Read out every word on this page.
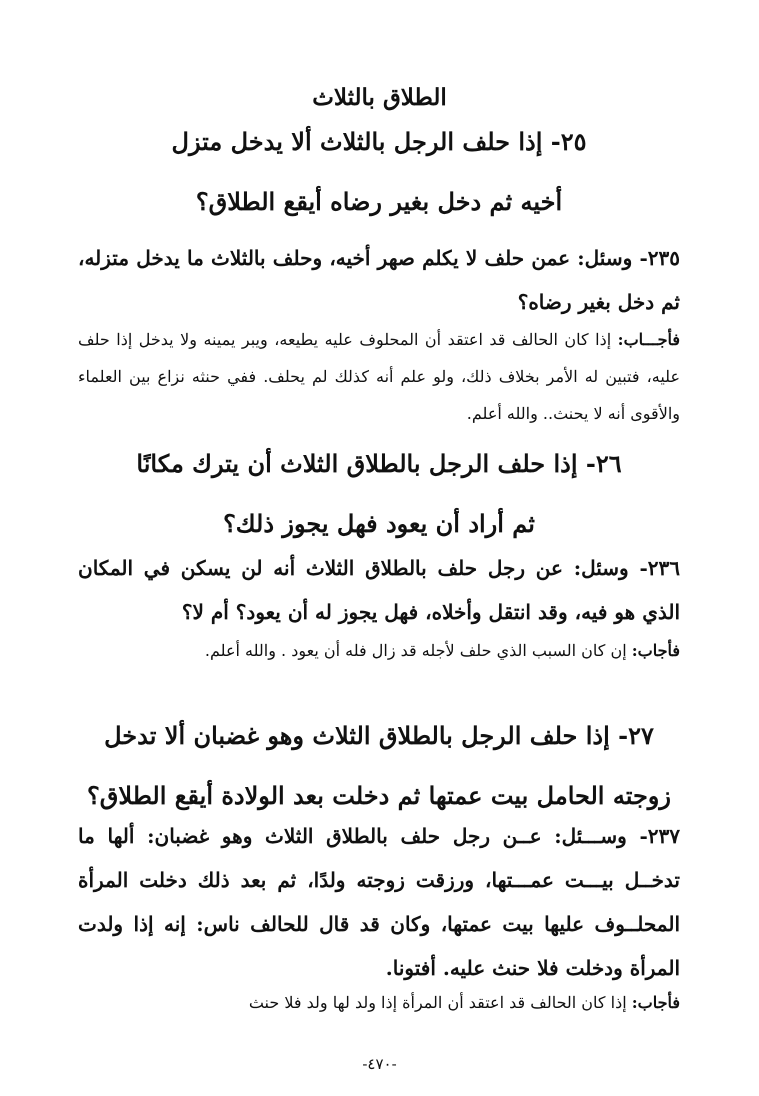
الطلاق بالثلاث
٢٥- إذا حلف الرجل بالثلاث ألا يدخل متزل
أخيه ثم دخل بغير رضاه أيقع الطلاق؟
٢٣٥- وسئل: عمن حلف لا يكلم صهر أخيه، وحلف بالثلاث ما يدخل متزله، ثم دخل بغير رضاه؟
فأجـــاب: إذا كان الحالف قد اعتقد أن المحلوف عليه يطيعه، ويبر يمينه ولا يدخل إذا حلف عليه، فتبين له الأمر بخلاف ذلك، ولو علم أنه كذلك لم يحلف. ففي حنثه نزاع بين العلماء والأقوى أنه لا يحنث.. والله أعلم.
٢٦- إذا حلف الرجل بالطلاق الثلاث أن يترك مكانًا
ثم أراد أن يعود فهل يجوز ذلك؟
٢٣٦- وسئل: عن رجل حلف بالطلاق الثلاث أنه لن يسكن في المكان الذي هو فيه، وقد انتقل وأخلاه، فهل يجوز له أن يعود؟ أم لا؟
فأجاب: إن كان السبب الذي حلف لأجله قد زال فله أن يعود . والله أعلم.
٢٧- إذا حلف الرجل بالطلاق الثلاث وهو غضبان ألا تدخل
زوجته الحامل بيت عمتها ثم دخلت بعد الولادة أيقع الطلاق؟
٢٣٧- وســـئل: عــن رجل حلف بالطلاق الثلاث وهو غضبان: ألها ما تدخــل بيـــت عمـــتها، ورزقت زوجته ولدًا، ثم بعد ذلك دخلت المرأة المحلــوف عليها بيت عمتها، وكان قد قال للحالف ناس: إنه إذا ولدت المرأة ودخلت فلا حنث عليه. أفتونا.
فأجاب: إذا كان الحالف قد اعتقد أن المرأة إذا ولد لها ولد فلا حنث
-٤٧٠-
